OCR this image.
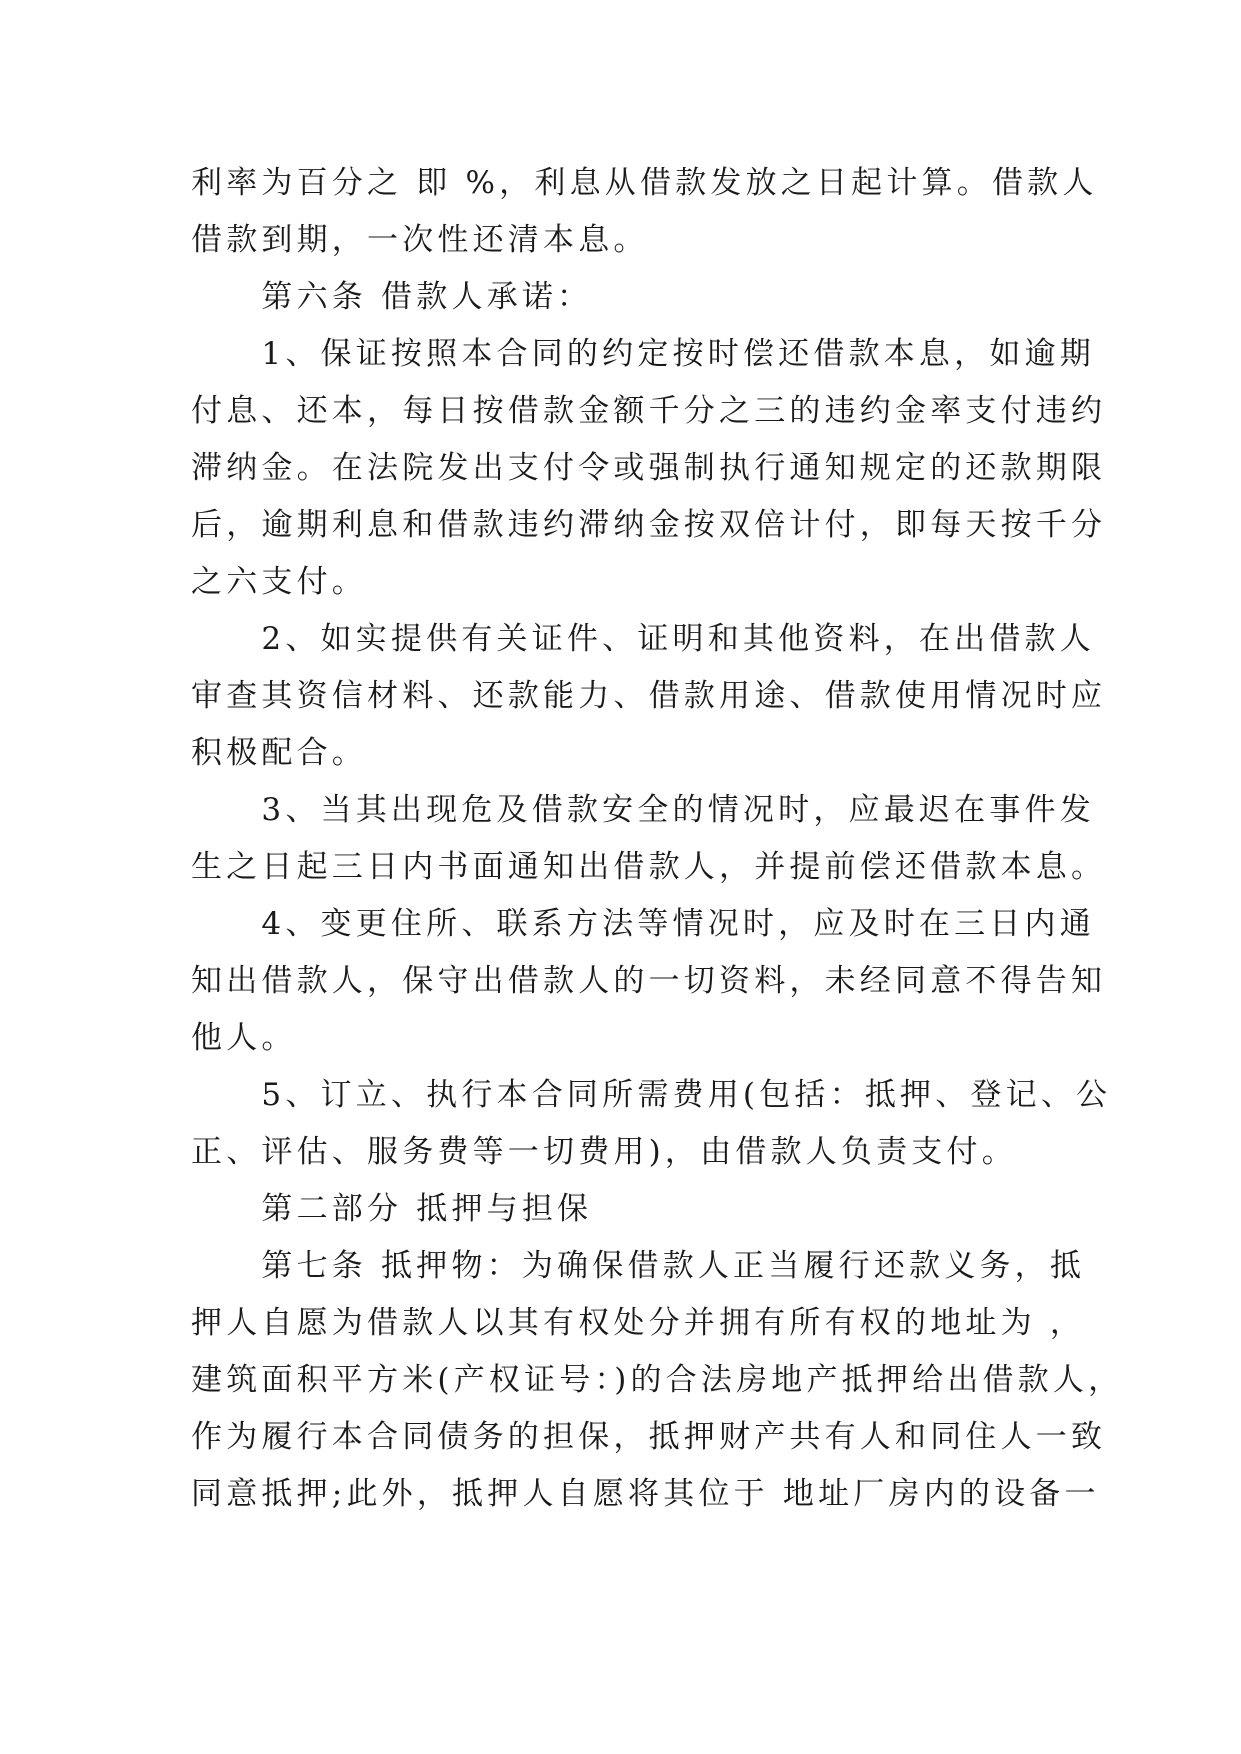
利率为百分之 即 %，利息从借款发放之日起计算。借款人
借款到期，一次性还清本息。
　　第六条 借款人承诺：
　　1、保证按照本合同的约定按时偿还借款本息，如逾期
付息、还本，每日按借款金额千分之三的违约金率支付违约
滞纳金。在法院发出支付令或强制执行通知规定的还款期限
后，逾期利息和借款违约滞纳金按双倍计付，即每天按千分
之六支付。
　　2、如实提供有关证件、证明和其他资料，在出借款人
审查其资信材料、还款能力、借款用途、借款使用情况时应
积极配合。
　　3、当其出现危及借款安全的情况时，应最迟在事件发
生之日起三日内书面通知出借款人，并提前偿还借款本息。
　　4、变更住所、联系方法等情况时，应及时在三日内通
知出借款人，保守出借款人的一切资料，未经同意不得告知
他人。
　　5、订立、执行本合同所需费用(包括：抵押、登记、公
正、评估、服务费等一切费用)，由借款人负责支付。
　　第二部分 抵押与担保
　　第七条 抵押物：为确保借款人正当履行还款义务，抵
押人自愿为借款人以其有权处分并拥有所有权的地址为 ，
建筑面积平方米(产权证号：)的合法房地产抵押给出借款人，
作为履行本合同债务的担保，抵押财产共有人和同住人一致
同意抵押;此外，抵押人自愿将其位于 地址厂房内的设备一
